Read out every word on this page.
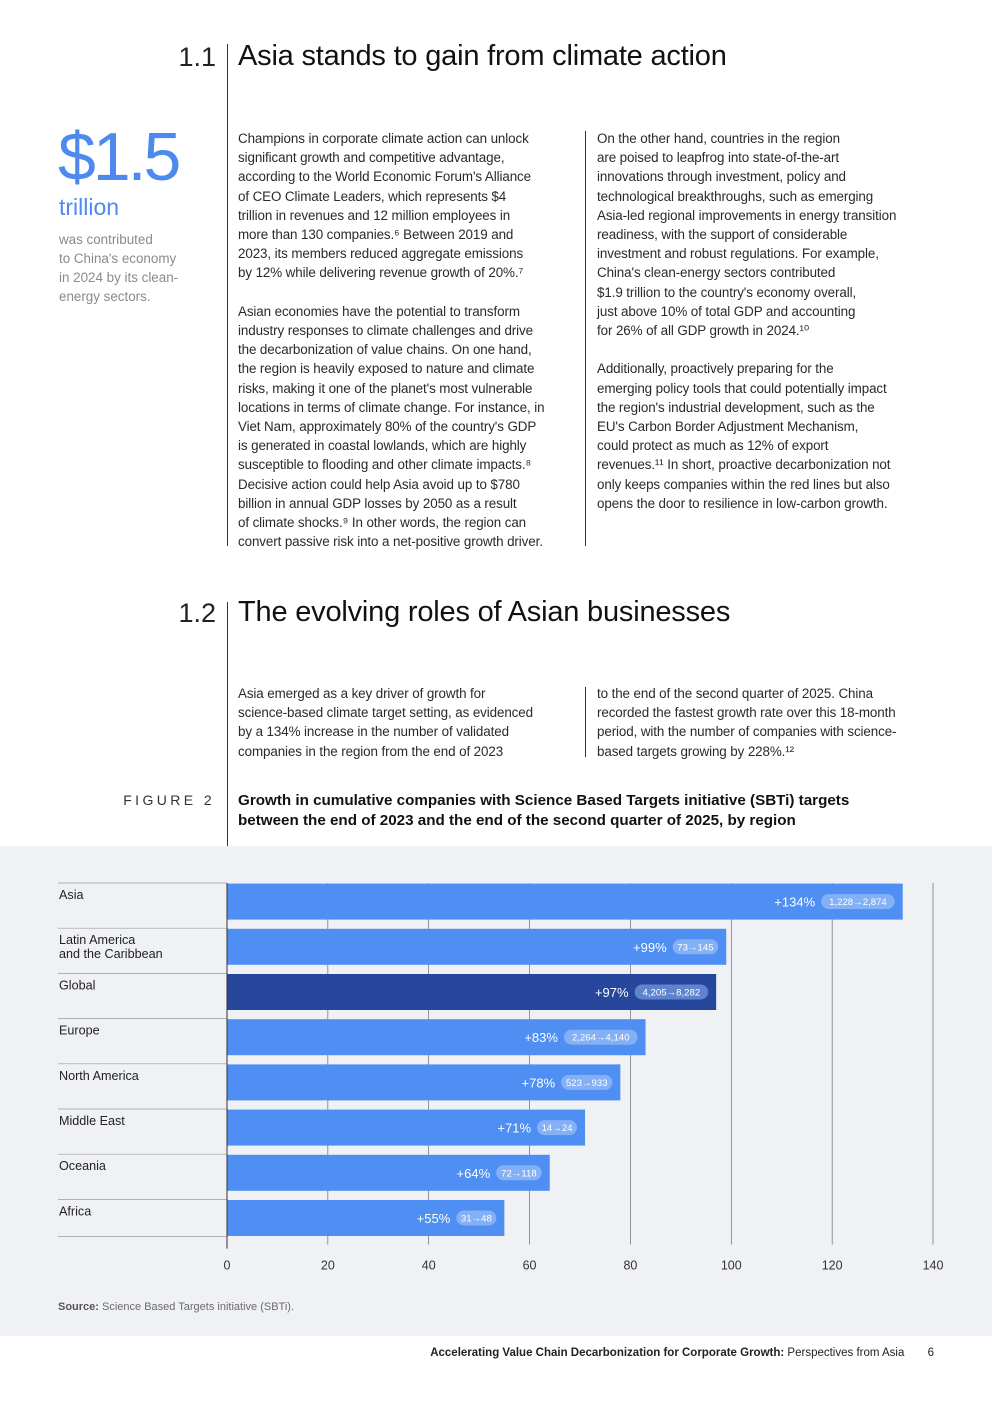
1.1 Asia stands to gain from climate action
$1.5
trillion
was contributed
to China's economy
in 2024 by its clean-
energy sectors.
Champions in corporate climate action can unlock
significant growth and competitive advantage,
according to the World Economic Forum's Alliance
of CEO Climate Leaders, which represents $4
trillion in revenues and 12 million employees in
more than 130 companies.⁶ Between 2019 and
2023, its members reduced aggregate emissions
by 12% while delivering revenue growth of 20%.⁷

Asian economies have the potential to transform
industry responses to climate challenges and drive
the decarbonization of value chains. On one hand,
the region is heavily exposed to nature and climate
risks, making it one of the planet's most vulnerable
locations in terms of climate change. For instance, in
Viet Nam, approximately 80% of the country's GDP
is generated in coastal lowlands, which are highly
susceptible to flooding and other climate impacts.⁸
Decisive action could help Asia avoid up to $780
billion in annual GDP losses by 2050 as a result
of climate shocks.⁹ In other words, the region can
convert passive risk into a net-positive growth driver.
On the other hand, countries in the region
are poised to leapfrog into state-of-the-art
innovations through investment, policy and
technological breakthroughs, such as emerging
Asia-led regional improvements in energy transition
readiness, with the support of considerable
investment and robust regulations. For example,
China's clean-energy sectors contributed
$1.9 trillion to the country's economy overall,
just above 10% of total GDP and accounting
for 26% of all GDP growth in 2024.¹⁰

Additionally, proactively preparing for the
emerging policy tools that could potentially impact
the region's industrial development, such as the
EU's Carbon Border Adjustment Mechanism,
could protect as much as 12% of export
revenues.¹¹ In short, proactive decarbonization not
only keeps companies within the red lines but also
opens the door to resilience in low-carbon growth.
1.2 The evolving roles of Asian businesses
Asia emerged as a key driver of growth for
science-based climate target setting, as evidenced
by a 134% increase in the number of validated
companies in the region from the end of 2023
to the end of the second quarter of 2025. China
recorded the fastest growth rate over this 18-month
period, with the number of companies with science-
based targets growing by 228%.¹²
FIGURE 2 Growth in cumulative companies with Science Based Targets initiative (SBTi) targets
between the end of 2023 and the end of the second quarter of 2025, by region
Asia
1,228→2,874
+134%
Latin America and the Caribbean	73→145
+99%
Global
4,205→8,282
+97%
Europe
2,264→4,140
+83%
North America
523→933
+78%
Middle East
14→24
+71%
Oceania
72→118
+64%
Africa
31→48
+55%
0	20	40	60	80	100	120	140
Source: Science Based Targets initiative (SBTi).
Accelerating Value Chain Decarbonization for Corporate Growth: Perspectives from Asia 6
